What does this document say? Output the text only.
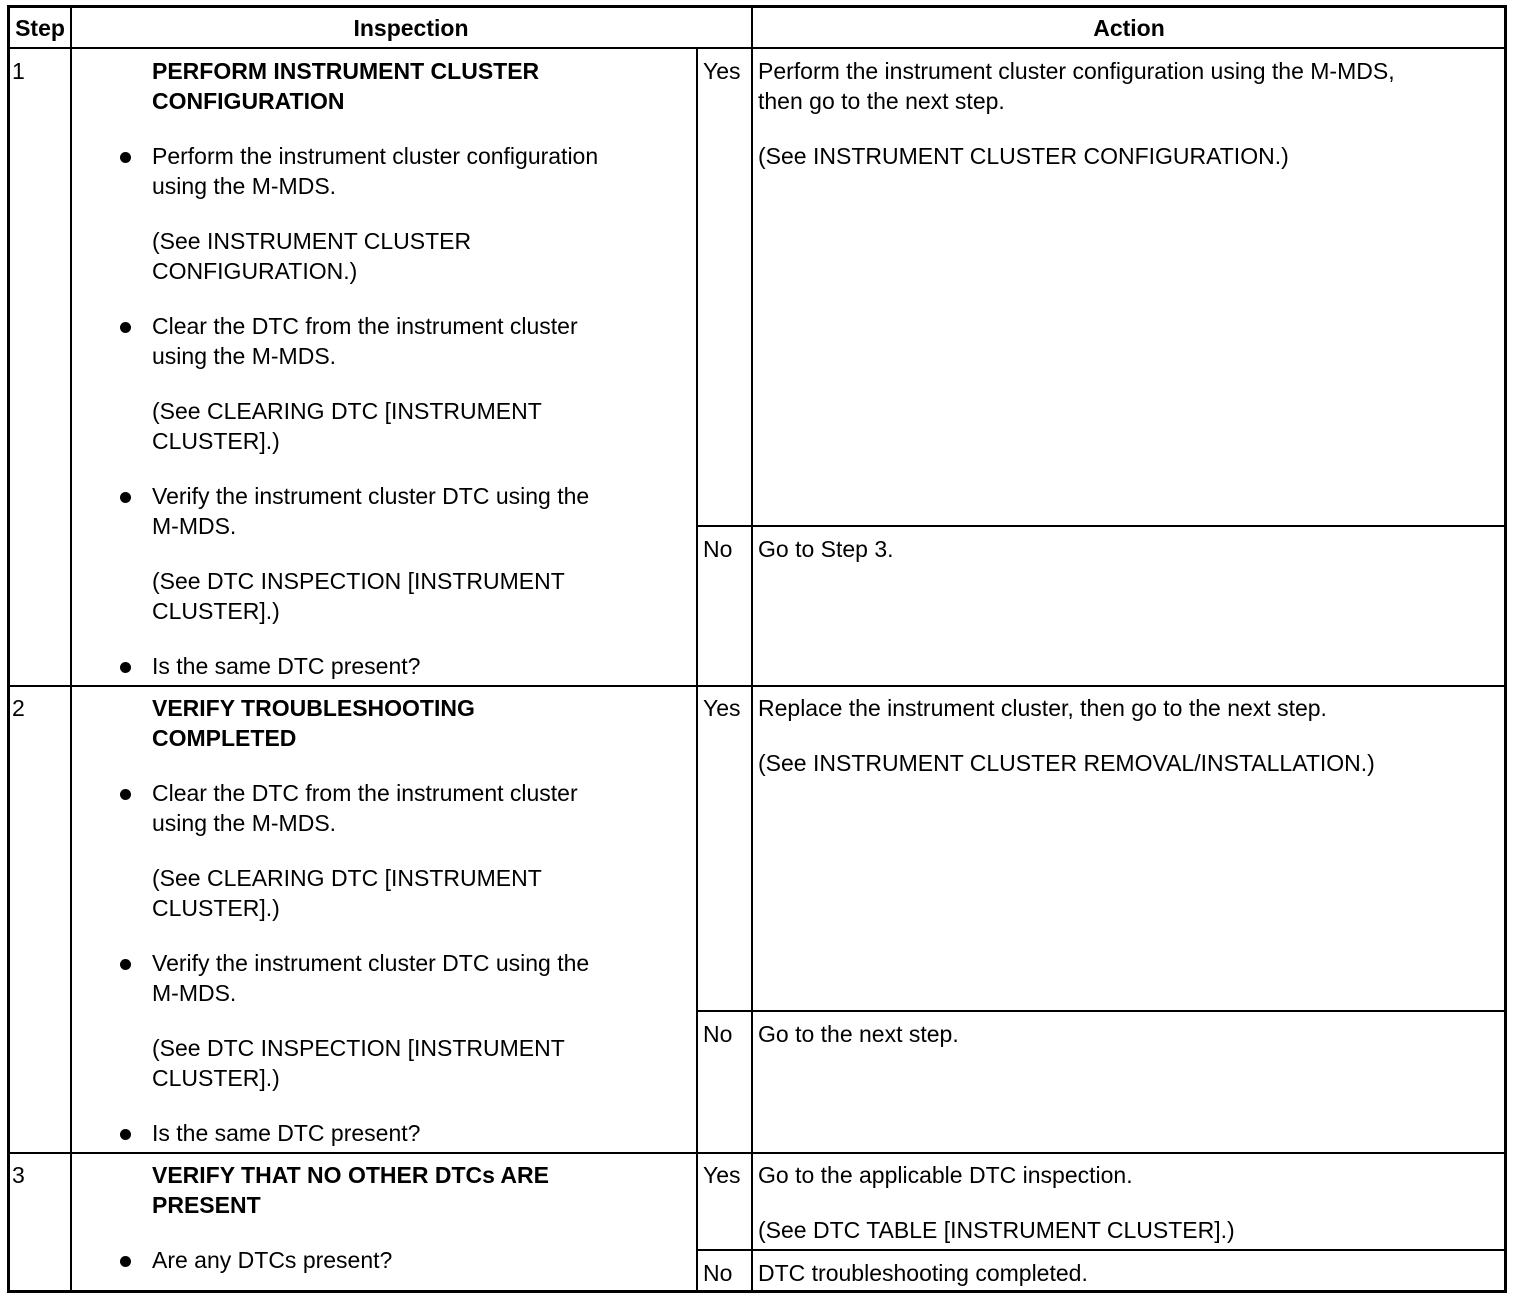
Step	Inspection	Action
1	PERFORM INSTRUMENT CLUSTER
CONFIGURATION
Perform the instrument cluster configuration
using the M-MDS.
(See INSTRUMENT CLUSTER
CONFIGURATION.)
Clear the DTC from the instrument cluster
using the M-MDS.
(See CLEARING DTC [INSTRUMENT
CLUSTER].)
Verify the instrument cluster DTC using the
M-MDS.
(See DTC INSPECTION [INSTRUMENT
CLUSTER].)
Is the same DTC present?
Yes Perform the instrument cluster configuration using the M-MDS,
then go to the next step.
(See INSTRUMENT CLUSTER CONFIGURATION.)
No Go to Step 3.
2	VERIFY TROUBLESHOOTING
COMPLETED
Clear the DTC from the instrument cluster
using the M-MDS.
(See CLEARING DTC [INSTRUMENT
CLUSTER].)
Verify the instrument cluster DTC using the
M-MDS.
(See DTC INSPECTION [INSTRUMENT
CLUSTER].)
Is the same DTC present?
Yes Replace the instrument cluster, then go to the next step.
(See INSTRUMENT CLUSTER REMOVAL/INSTALLATION.)
No Go to the next step.
3	VERIFY THAT NO OTHER DTCs ARE
PRESENT
Are any DTCs present?
Yes Go to the applicable DTC inspection.
(See DTC TABLE [INSTRUMENT CLUSTER].)
No DTC troubleshooting completed.
